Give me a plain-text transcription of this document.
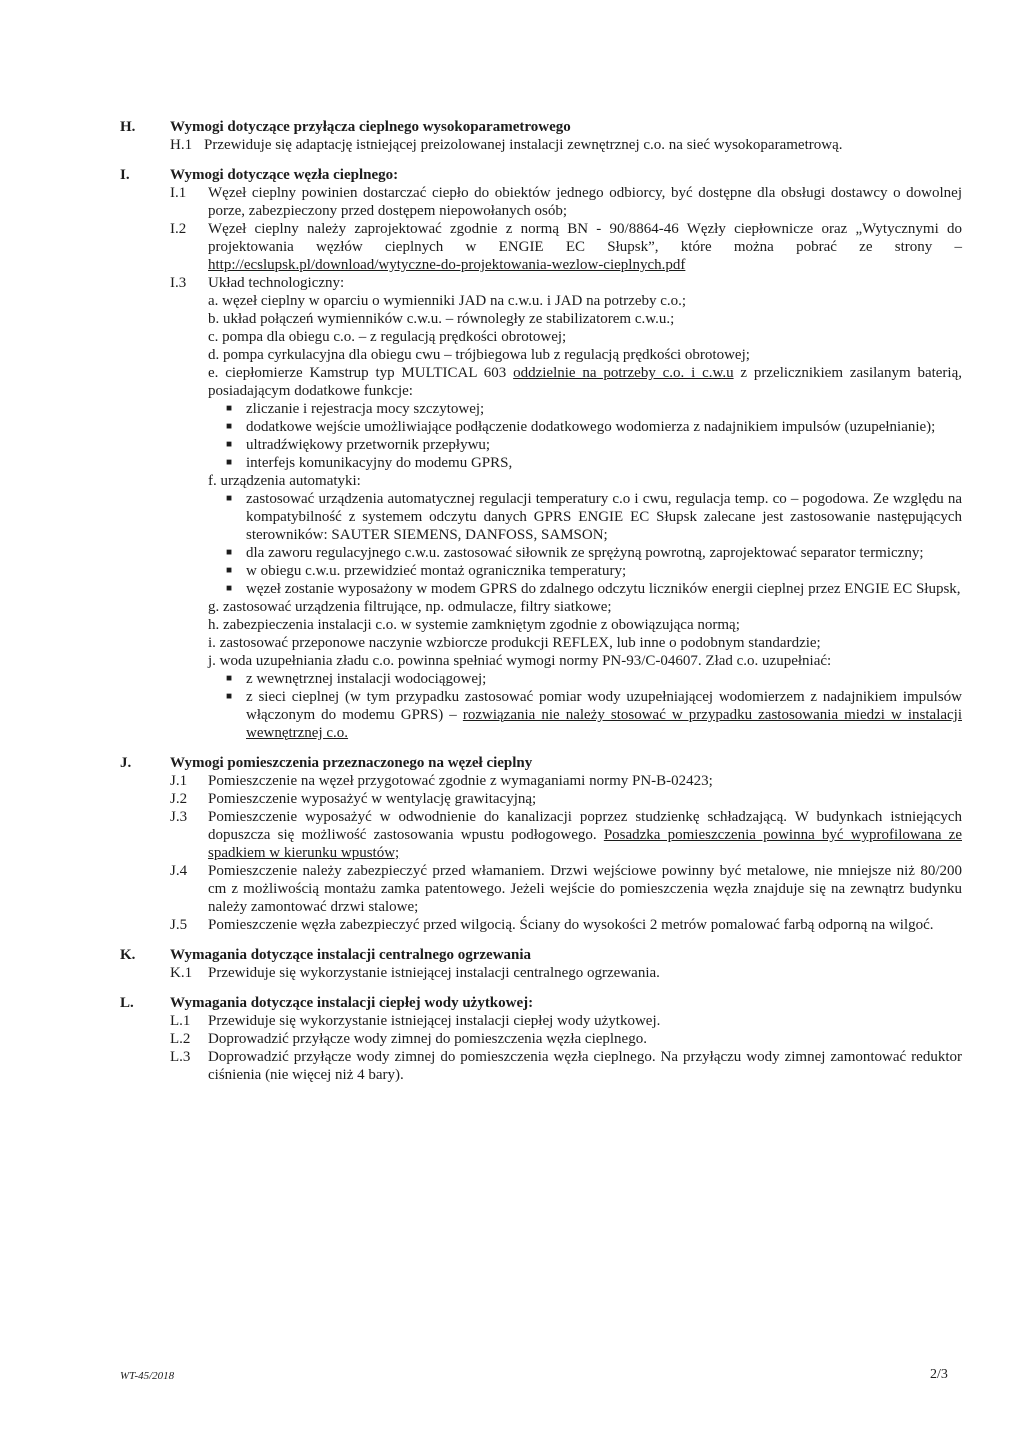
H.	Wymogi dotyczące przyłącza cieplnego wysokoparametrowego
H.1 Przewiduje się adaptację istniejącej preizolowanej instalacji zewnętrznej c.o. na sieć wysokoparametrową.
I.	Wymogi dotyczące węzła cieplnego:
I.1	Węzeł cieplny powinien dostarczać ciepło do obiektów jednego odbiorcy, być dostępne dla obsługi dostawcy o dowolnej porze, zabezpieczony przed dostępem niepowołanych osób;
I.2	Węzeł cieplny należy zaprojektować zgodnie z normą BN - 90/8864-46 Węzły ciepłownicze oraz „Wytycznymi do projektowania węzłów cieplnych w ENGIE EC Słupsk”, które można pobrać ze strony – http://ecslupsk.pl/download/wytyczne-do-projektowania-wezlow-cieplnych.pdf
I.3	Układ technologiczny:
a. węzeł cieplny w oparciu o wymienniki JAD na c.w.u. i JAD na potrzeby c.o.;
b. układ połączeń wymienników c.w.u. – równoległy ze stabilizatorem c.w.u.;
c. pompa dla obiegu c.o. – z regulacją prędkości obrotowej;
d. pompa cyrkulacyjna dla obiegu cwu – trójbiegowa lub z regulacją prędkości obrotowej;
e. ciepłomierze Kamstrup typ MULTICAL 603 oddzielnie na potrzeby c.o. i c.w.u z przelicznikiem zasilanym baterią, posiadającym dodatkowe funkcje:
■ zliczanie i rejestracja mocy szczytowej;
■ dodatkowe wejście umożliwiające podłączenie dodatkowego wodomierza z nadajnikiem impulsów (uzupełnianie);
■ ultradźwiękowy przetwornik przepływu;
■ interfejs komunikacyjny do modemu GPRS,
f. urządzenia automatyki:
■ zastosować urządzenia automatycznej regulacji temperatury c.o i cwu, regulacja temp. co – pogodowa. Ze względu na kompatybilność z systemem odczytu danych GPRS ENGIE EC Słupsk zalecane jest zastosowanie następujących sterowników: SAUTER SIEMENS, DANFOSS, SAMSON;
■ dla zaworu regulacyjnego c.w.u. zastosować siłownik ze sprężyną powrotną, zaprojektować separator termiczny;
■ w obiegu c.w.u. przewidzieć montaż ogranicznika temperatury;
■ węzeł zostanie wyposażony w modem GPRS do zdalnego odczytu liczników energii cieplnej przez ENGIE EC Słupsk,
g. zastosować urządzenia filtrujące, np. odmulacze, filtry siatkowe;
h. zabezpieczenia instalacji c.o. w systemie zamkniętym zgodnie z obowiązująca normą;
i. zastosować przeponowe naczynie wzbiorcze produkcji REFLEX, lub inne o podobnym standardzie;
j. woda uzupełniania zładu c.o. powinna spełniać wymogi normy PN-93/C-04607. Zład c.o. uzupełniać:
■ z wewnętrznej instalacji wodociągowej;
■ z sieci cieplnej (w tym przypadku zastosować pomiar wody uzupełniającej wodomierzem z nadajnikiem impulsów włączonym do modemu GPRS) – rozwiązania nie należy stosować w przypadku zastosowania miedzi w instalacji wewnętrznej c.o.
J.	Wymogi pomieszczenia przeznaczonego na węzeł cieplny
J.1	Pomieszczenie na węzeł przygotować zgodnie z wymaganiami normy PN-B-02423;
J.2	Pomieszczenie wyposażyć w wentylację grawitacyjną;
J.3	Pomieszczenie wyposażyć w odwodnienie do kanalizacji poprzez studzienkę schładzającą. W budynkach istniejących dopuszcza się możliwość zastosowania wpustu podłogowego. Posadzka pomieszczenia powinna być wyprofilowana ze spadkiem w kierunku wpustów;
J.4	Pomieszczenie należy zabezpieczyć przed włamaniem. Drzwi wejściowe powinny być metalowe, nie mniejsze niż 80/200 cm z możliwością montażu zamka patentowego. Jeżeli wejście do pomieszczenia węzła znajduje się na zewnątrz budynku należy zamontować drzwi stalowe;
J.5	Pomieszczenie węzła zabezpieczyć przed wilgocią. Ściany do wysokości 2 metrów pomalować farbą odporną na wilgoć.
K.	Wymagania dotyczące instalacji centralnego ogrzewania
K.1	Przewiduje się wykorzystanie istniejącej instalacji centralnego ogrzewania.
L.	Wymagania dotyczące instalacji ciepłej wody użytkowej:
L.1	Przewiduje się wykorzystanie istniejącej instalacji ciepłej wody użytkowej.
L.2	Doprowadzić przyłącze wody zimnej do pomieszczenia węzła cieplnego.
L.3	Doprowadzić przyłącze wody zimnej do pomieszczenia węzła cieplnego. Na przyłączu wody zimnej zamontować reduktor ciśnienia (nie więcej niż 4 bary).
WT-45/2018	2/3
